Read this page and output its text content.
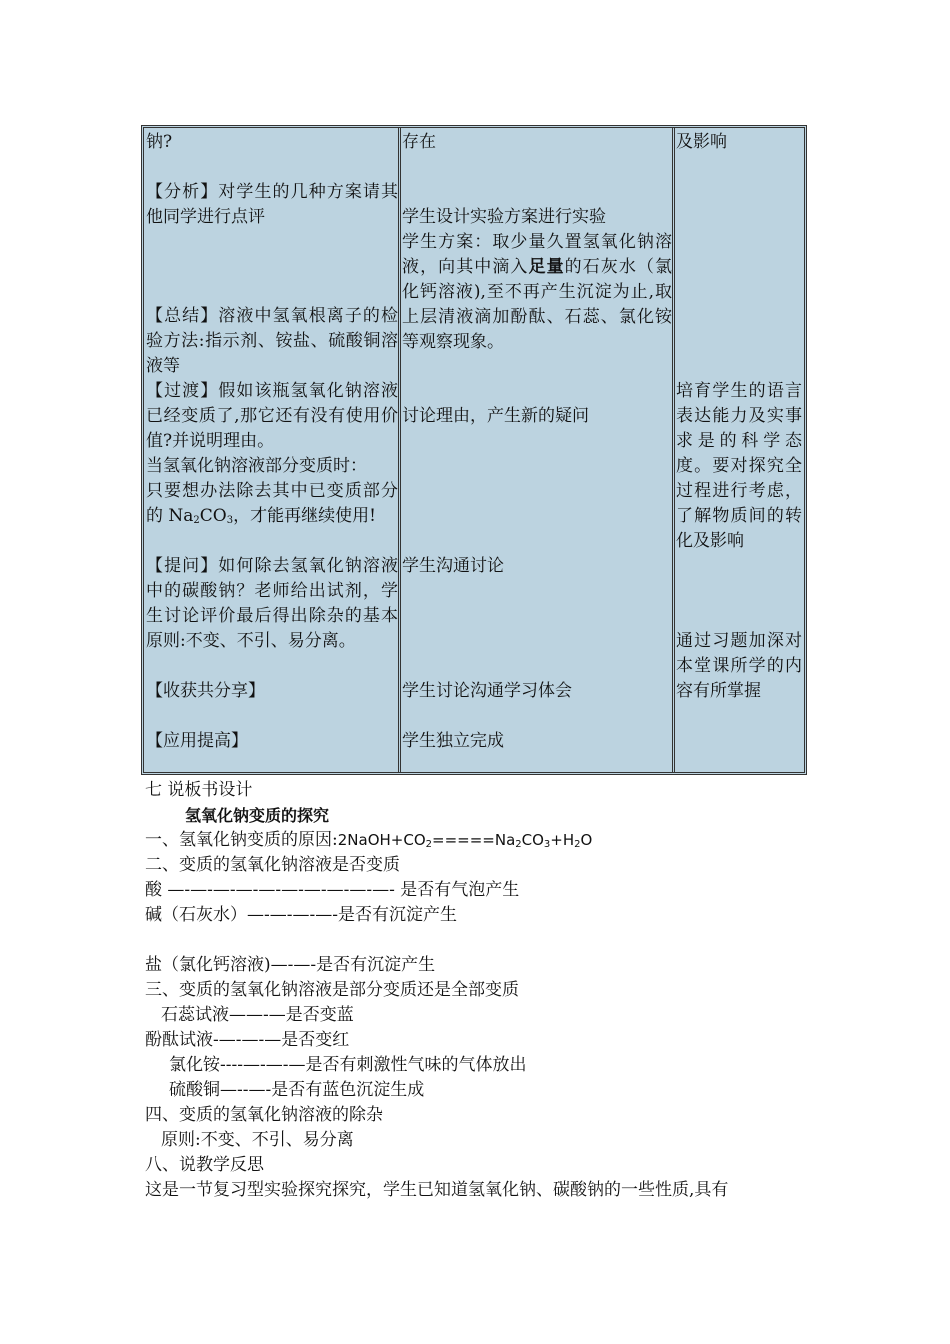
钠?

【分析】对学生的几种方案请其他同学进行点评

【总结】溶液中氢氧根离子的检验方法:指示剂、铵盐、硫酸铜溶液等

【过渡】假如该瓶氢氧化钠溶液已经变质了,那它还有没有使用价值?并说明理由。

当氢氧化钠溶液部分变质时：

只要想办法除去其中已变质部分的 $Na_2CO_3$，才能再继续使用!

【提问】如何除去氢氧化钠溶液中的碳酸钠？老师给出试剂，学生讨论评价最后得出除杂的基本原则:不变、不引、易分离。

【收获共分享】

【应用提高】

存在

学生设计实验方案进行实验

学生方案：取少量久置氢氧化钠溶液，向其中滴入足量的石灰水（氯化钙溶液),至不再产生沉淀为止,取上层清液滴加酚酞、石蕊、氯化铵等观察现象。

讨论理由，产生新的疑问

学生沟通讨论

学生讨论沟通学习体会

学生独立完成

及影响

培育学生的语言表达能力及实事求是的科学态度。要对探究全过程进行考虑，了解物质间的转化及影响

通过习题加深对本堂课所学的内容有所掌握

七 说板书设计

氢氧化钠变质的探究

一、氢氧化钠变质的原因$:2NaOH+CO_2=====Na_2CO_3+H_2O$

二、变质的氢氧化钠溶液是否变质

酸 —-—-—-—-—-—-—-—-—-—- 是否有气泡产生

碱（石灰水）—-—-—-—-是否有沉淀产生

盐（氯化钙溶液)—-—-是否有沉淀产生

三、变质的氢氧化钠溶液是部分变质还是全部变质

石蕊试液——-—是否变蓝

酚酞试液-—-—-—是否变红

氯化铵----—-—-—是否有刺激性气味的气体放出

硫酸铜—--—-是否有蓝色沉淀生成

四、变质的氢氧化钠溶液的除杂

原则:不变、不引、易分离

八、说教学反思

这是一节复习型实验探究探究，学生已知道氢氧化钠、碳酸钠的一些性质,具有
